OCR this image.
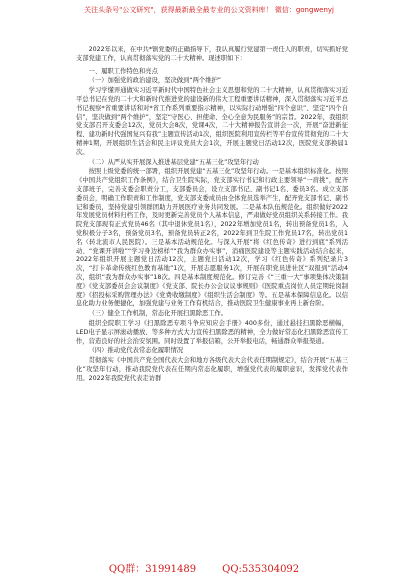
关注头条号"公文研究"，获得最新最全最专业的公文资料库！ 微信：gongwenyj

2022年以来，在中共*镇党委的正确指导下，我认真履行党建第一责任人的职责，切实抓好党支部党建工作，认真贯彻落实党的二十大精神。现述职如下：

一、履职工作特色和亮点

（一）加强党的政治建设，坚决做到“两个维护”

学习学懂弄通做实习近平新时代中国特色社会主义思想和党的二十大精神，认真贯彻落实习近平总书记在党的二十大和新时代推进党的建设新的伟大工程重要讲话精神，深入贯彻落实习近平总书记视察*省重要讲话和对*省工作系列重要指示精神，以实际行动增强“四个意识”、坚定“四个自信”，坚决做到“两个维护”，坚定“守医心、担使命、全心全意为民服务”的宗旨。2022年，我组织党支部召开支委会12次，党员大会8次，党课4次，二十大精神报告宣讲会一次，开展“奋进新征程、建功新时代强国复兴有我”主题宣传活动1次，组织医院利用宣传栏等平台宣传贯彻党的二十大精神1期，开展组织生活会和民主评议党员大会1次，开展主题党日活动12次，医院党支部换届1次。

（二）从严从实开展深入推进基层党建“五基三化”攻坚年行动

按照上级党委的统一部署，组织开展党建“五基三化”攻坚年行动。一是基本组织标准化。按照《中国共产党组织工作条例》，结合卫生院实际，党支部实行书记和行政主要领导“一肩挑”，配齐支部班子，完善支委会职责分工，支部委员会，设立支部书记、副书记1名、委员3名。成立支部委员会，明确工作职责和工作制度，党支部支委成员由全体党员选举产生，配齐党支部书记、副书记和委员，坚持党建引领群团助力开展医疗业务共同发展。二是基本队伍规范化。组织做好2022年发展党员材料归档工作，及时更新完善党员个人基本信息，严肃做好党员组织关系转接工作。我院党支部现有正式党员46名（其中退休党员1名），2022年增加党员1名，转出预备党员1名，入党积极分子3名，预备党员3名，预备党员转正2名，2022年到卫生院工作党员17名，转出党员1名（转北流市人民医院）。三是基本活动规范化。与深入开展“将《红色传奇》进行到底”系列活动、“党课开讲啦”“学习身边榜样”“我为群众办实事”，消痛医院建设等主题实践活动结合起来，2022年组织开展主题党日活动12次，主题党日活动12次，学习《红色传奇》系列纪录片3次，“打卡革命传统红色教育基地”1次，开展志愿服务1次，开展在职党员进社区“双报到”活动4次，组织“我为群众办实事”18次。四是基本制度规范化。修订完善《“三重一大”事项集体决策制度》《党支部委员会会议制度》《党支部、院长办公会议议事规则》《医院重点岗位人员定期轮岗制度》《招投标采购管理办法》《党费收缴制度》《组织生活会制度》等。五是基本保障信息化。以信息化助力业务便捷化，加强党建与业务工作有机结合，推动医院卫生健康事业再上新台阶。

（三）健全工作机制，常态化开展扫黑除恶工作。

组织全院职工学习《扫黑除恶专项斗争应知应会手册》400多份，通过悬挂扫黑除恶横幅，LED电子显示屏滚动播放、等多种方式大力宣传扫黑除恶的精神，全力做好常态化扫黑除恶宣传工作，营造良好的社会治安氛围。同时设置了举报信箱，公开举报电话，畅通群众举报渠道。

（四）推动党代表常态化履职情况

贯彻落实《中国共产党全国代表大会和地方各级代表大会代表任期制规定》，结合开展“五基三化”攻坚年行动，推动我院党代表在任期内常态化履职，增强党代表的履职意识，发挥党代表作用。2022年我院党代表走访群

QQ群：31991489	QQ:535304092
